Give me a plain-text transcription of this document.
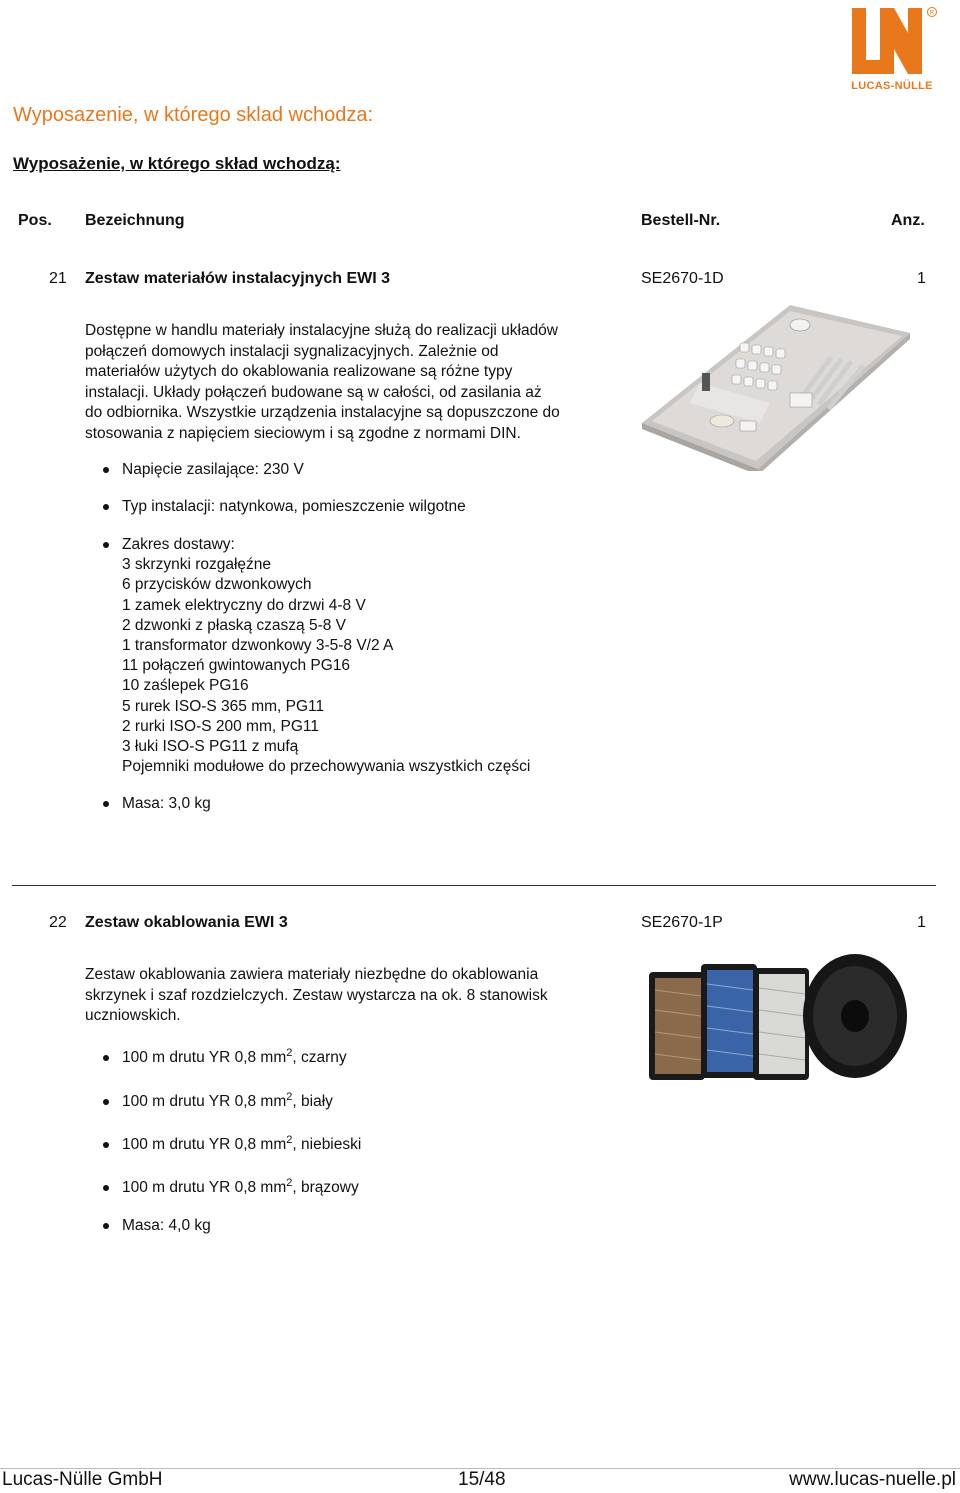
R
LUCAS-NÜLLE
Wyposazenie, w którego sklad wchodza:
Wyposażenie, w którego skład wchodzą:
Pos. Bezeichnung	Bestell-Nr.	Anz.
21 Zestaw materiałów instalacyjnych EWI 3	SE2670-1D	1
Dostępne w handlu materiały instalacyjne służą do realizacji układów
połączeń domowych instalacji sygnalizacyjnych. Zależnie od
materiałów użytych do okablowania realizowane są różne typy
instalacji. Układy połączeń budowane są w całości, od zasilania aż
do odbiornika. Wszystkie urządzenia instalacyjne są dopuszczone do
stosowania z napięciem sieciowym i są zgodne z normami DIN.
Napięcie zasilające: 230 V
Typ instalacji: natynkowa, pomieszczenie wilgotne
Zakres dostawy:
3 skrzynki rozgałęźne
6 przycisków dzwonkowych
1 zamek elektryczny do drzwi 4-8 V
2 dzwonki z płaską czaszą 5-8 V
1 transformator dzwonkowy 3-5-8 V/2 A
11 połączeń gwintowanych PG16
10 zaślepek PG16
5 rurek ISO-S 365 mm, PG11
2 rurki ISO-S 200 mm, PG11
3 łuki ISO-S PG11 z mufą
Pojemniki modułowe do przechowywania wszystkich części
Masa: 3,0 kg
22 Zestaw okablowania EWI 3	SE2670-1P	1
Zestaw okablowania zawiera materiały niezbędne do okablowania
skrzynek i szaf rozdzielczych. Zestaw wystarcza na ok. 8 stanowisk
uczniowskich.
100 m drutu YR 0,8 $mm^2$, czarny
100 m drutu YR 0,8 $mm^2$, biały
100 m drutu YR 0,8 $mm^2$, niebieski
100 m drutu YR 0,8 $mm^2$, brązowy
Masa: 4,0 kg
Lucas-Nülle GmbH	15/48	www.lucas-nuelle.pl
